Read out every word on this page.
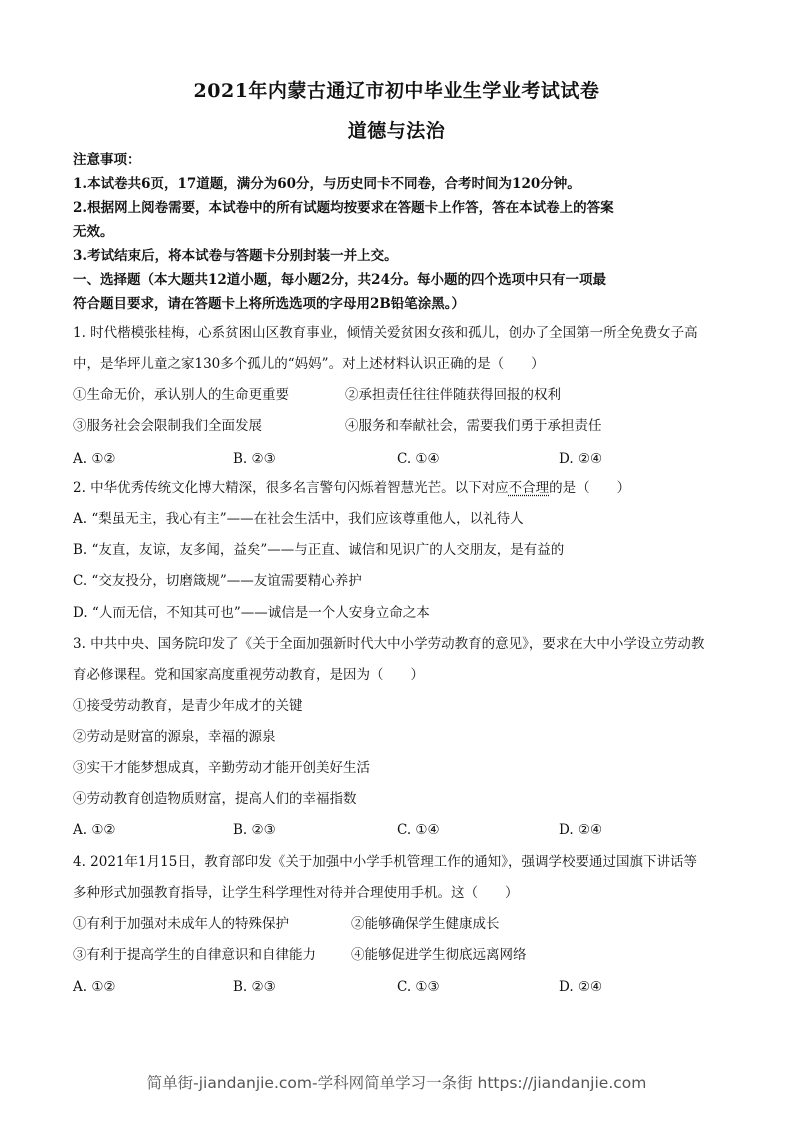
2021年内蒙古通辽市初中毕业生学业考试试卷
道德与法治
注意事项：
1.本试卷共6页，17道题，满分为60分，与历史同卡不同卷，合考时间为120分钟。
2.根据网上阅卷需要，本试卷中的所有试题均按要求在答题卡上作答，答在本试卷上的答案
无效。
3.考试结束后，将本试卷与答题卡分别封装一并上交。
一、选择题（本大题共12道小题，每小题2分，共24分。每小题的四个选项中只有一项最
符合题目要求，请在答题卡上将所选选项的字母用2B铅笔涂黑。）
1. 时代楷模张桂梅，心系贫困山区教育事业，倾情关爱贫困女孩和孤儿，创办了全国第一所全免费女子高
中，是华坪儿童之家130多个孤儿的“妈妈”。对上述材料认识正确的是（　　）
①生命无价，承认别人的生命更重要	②承担责任往往伴随获得回报的权利
③服务社会会限制我们全面发展	④服务和奉献社会，需要我们勇于承担责任
A. ①②	B. ②③	C. ①④	D. ②④
2. 中华优秀传统文化博大精深，很多名言警句闪烁着智慧光芒。以下对应不合理的是（　　）
A. “梨虽无主，我心有主”——在社会生活中，我们应该尊重他人，以礼待人
B. “友直，友谅，友多闻，益矣”——与正直、诚信和见识广的人交朋友，是有益的
C. “交友投分，切磨箴规”——友谊需要精心养护
D. “人而无信，不知其可也”——诚信是一个人安身立命之本
3. 中共中央、国务院印发了《关于全面加强新时代大中小学劳动教育的意见》，要求在大中小学设立劳动教
育必修课程。党和国家高度重视劳动教育，是因为（　　）
①接受劳动教育，是青少年成才的关键
②劳动是财富的源泉，幸福的源泉
③实干才能梦想成真，辛勤劳动才能开创美好生活
④劳动教育创造物质财富，提高人们的幸福指数
A. ①②	B. ②③	C. ①④	D. ②④
4. 2021年1月15日，教育部印发《关于加强中小学手机管理工作的通知》，强调学校要通过国旗下讲话等
多种形式加强教育指导，让学生科学理性对待并合理使用手机。这（　　）
①有利于加强对未成年人的特殊保护	②能够确保学生健康成长
③有利于提高学生的自律意识和自律能力	④能够促进学生彻底远离网络
A. ①②	B. ②③	C. ①③	D. ②④
简单街-jiandanjie.com-学科网简单学习一条街 https://jiandanjie.com
